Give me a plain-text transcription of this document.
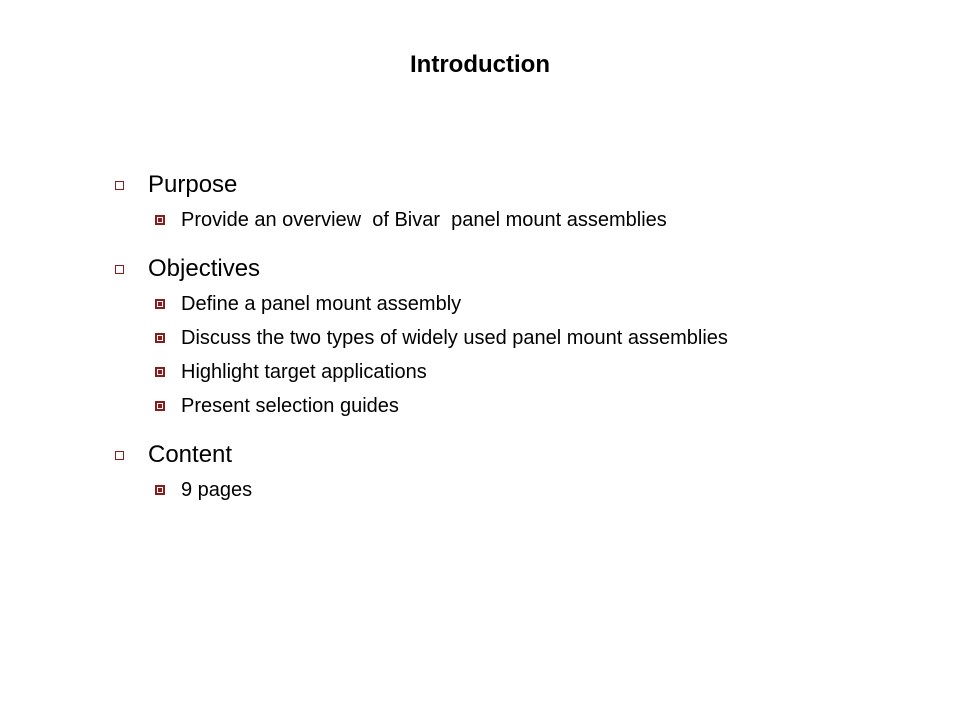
Introduction
Purpose
Provide an overview  of Bivar  panel mount assemblies
Objectives
Define a panel mount assembly
Discuss the two types of widely used panel mount assemblies
Highlight target applications
Present selection guides
Content
9 pages
